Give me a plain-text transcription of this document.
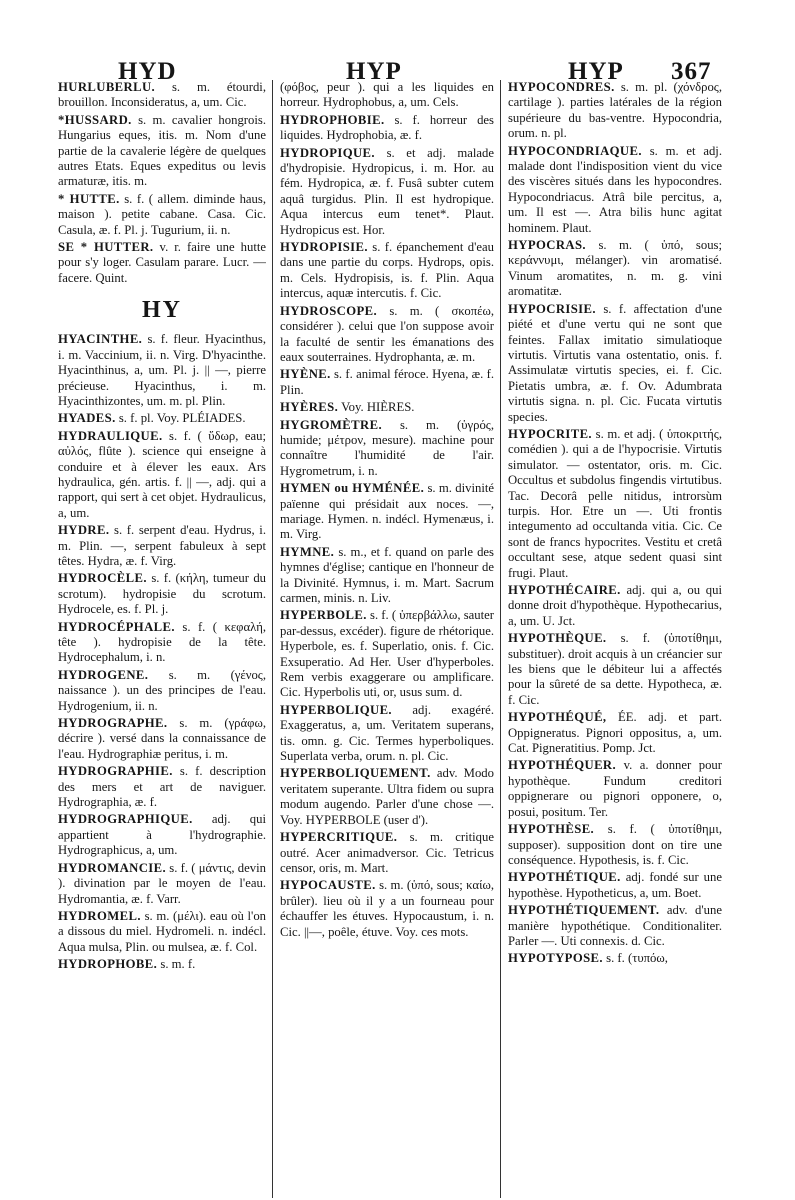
HYD	HYP	HYP 367

HURLUBERLU. s. m. étourdi, brouillon. Inconsideratus, a, um. Cic.

*HUSSARD. s. m. cavalier hongrois. Hungarius eques, itis. m. Nom d'une partie de la cavalerie légère de quelques autres Etats. Eques expeditus ou levis armaturæ, itis. m.

* HUTTE. s. f. ( allem. diminde haus, maison ). petite cabane. Casa. Cic. Casula, æ. f. Pl. j. Tugurium, ii. n.

SE * HUTTER. v. r. faire une hutte pour s'y loger. Casulam parare. Lucr. — facere. Quint.

HY

HYACINTHE. s. f. fleur. Hyacinthus, i. m. Vaccinium, ii. n. Virg. D'hyacinthe. Hyacinthinus, a, um. Pl. j. || —, pierre précieuse. Hyacinthus, i. m. Hyacinthizontes, um. m. pl. Plin.

HYADES. s. f. pl. Voy. PLÉIADES.

HYDRAULIQUE. s. f. ( ὕδωρ, eau; αὐλός, flûte ). science qui enseigne à conduire et à élever les eaux. Ars hydraulica, gén. artis. f. || —, adj. qui a rapport, qui sert à cet objet. Hydraulicus, a, um.

HYDRE. s. f. serpent d'eau. Hydrus, i. m. Plin. —, serpent fabuleux à sept têtes. Hydra, æ. f. Virg.

HYDROCÈLE. s. f. (κήλη, tumeur du scrotum). hydropisie du scrotum. Hydrocele, es. f. Pl. j.

HYDROCÉPHALE. s. f. ( κεφαλή, tête ). hydropisie de la tête. Hydrocephalum, i. n.

HYDROGENE. s. m. (γένος, naissance ). un des principes de l'eau. Hydrogenium, ii. n.

HYDROGRAPHE. s. m. (γράφω, décrire ). versé dans la connaissance de l'eau. Hydrographiæ peritus, i. m.

HYDROGRAPHIE. s. f. description des mers et art de naviguer. Hydrographia, æ. f.

HYDROGRAPHIQUE. adj. qui appartient à l'hydrographie. Hydrographicus, a, um.

HYDROMANCIE. s. f. ( μάντις, devin ). divination par le moyen de l'eau. Hydromantia, æ. f. Varr.

HYDROMEL. s. m. (μέλι). eau où l'on a dissous du miel. Hydromeli. n. indécl. Aqua mulsa, Plin. ou mulsea, æ. f. Col.

HYDROPHOBE. s. m. f.

(φόβος, peur ). qui a les liquides en horreur. Hydrophobus, a, um. Cels.

HYDROPHOBIE. s. f. horreur des liquides. Hydrophobia, æ. f.

HYDROPIQUE. s. et adj. malade d'hydropisie. Hydropicus, i. m. Hor. au fém. Hydropica, æ. f. Fusâ subter cutem aquâ turgidus. Plin. Il est hydropique. Aqua intercus eum tenet*. Plaut. Hydropicus est. Hor.

HYDROPISIE. s. f. épanchement d'eau dans une partie du corps. Hydrops, opis. m. Cels. Hydropisis, is. f. Plin. Aqua intercus, aquæ intercutis. f. Cic.

HYDROSCOPE. s. m. ( σκοπέω, considérer ). celui que l'on suppose avoir la faculté de sentir les émanations des eaux souterraines. Hydrophanta, æ. m.

HYÈNE. s. f. animal féroce. Hyena, æ. f. Plin.

HYÈRES. Voy. HIÈRES.

HYGROMÈTRE. s. m. (ὑγρός, humide; μέτρον, mesure). machine pour connaître l'humidité de l'air. Hygrometrum, i. n.

HYMEN ou HYMÉNÉE. s. m. divinité païenne qui présidait aux noces. —, mariage. Hymen. n. indécl. Hymenæus, i. m. Virg.

HYMNE. s. m., et f. quand on parle des hymnes d'église; cantique en l'honneur de la Divinité. Hymnus, i. m. Mart. Sacrum carmen, minis. n. Liv.

HYPERBOLE. s. f. ( ὑπερβάλλω, sauter par-dessus, excéder). figure de rhétorique. Hyperbole, es. f. Superlatio, onis. f. Cic. Exsuperatio. Ad Her. User d'hyperboles. Rem verbis exaggerare ou amplificare. Cic. Hyperbolis uti, or, usus sum. d.

HYPERBOLIQUE. adj. exagéré. Exaggeratus, a, um. Veritatem superans, tis. omn. g. Cic. Termes hyperboliques. Superlata verba, orum. n. pl. Cic.

HYPERBOLIQUEMENT. adv. Modo veritatem superante. Ultra fidem ou supra modum augendo. Parler d'une chose —. Voy. HYPERBOLE (user d').

HYPERCRITIQUE. s. m. critique outré. Acer animadversor. Cic. Tetricus censor, oris, m. Mart.

HYPOCAUSTE. s. m. (ὑπό, sous; καίω, brûler). lieu où il y a un fourneau pour échauffer les étuves. Hypocaustum, i. n. Cic. ||—, poêle, étuve. Voy. ces mots.

HYPOCONDRES. s. m. pl. (χόνδρος, cartilage ). parties latérales de la région supérieure du bas-ventre. Hypocondria, orum. n. pl.

HYPOCONDRIAQUE. s. m. et adj. malade dont l'indisposition vient du vice des viscères situés dans les hypocondres. Hypocondriacus. Atrâ bile percitus, a, um. Il est —. Atra bilis hunc agitat hominem. Plaut.

HYPOCRAS. s. m. ( ὑπό, sous; κεράννυμι, mélanger). vin aromatisé. Vinum aromatites, n. m. g. vini aromatitæ.

HYPOCRISIE. s. f. affectation d'une piété et d'une vertu qui ne sont que feintes. Fallax imitatio simulatioque virtutis. Virtutis vana ostentatio, onis. f. Assimulatæ virtutis species, ei. f. Cic. Pietatis umbra, æ. f. Ov. Adumbrata virtutis signa. n. pl. Cic. Fucata virtutis species.

HYPOCRITE. s. m. et adj. ( ὑποκριτής, comédien ). qui a de l'hypocrisie. Virtutis simulator. — ostentator, oris. m. Cic. Occultus et subdolus fingendis virtutibus. Tac. Decorâ pelle nitidus, introrsùm turpis. Hor. Etre un —. Uti frontis integumento ad occultanda vitia. Cic. Ce sont de francs hypocrites. Vestitu et cretâ occultant sese, atque sedent quasi sint frugi. Plaut.

HYPOTHÉCAIRE. adj. qui a, ou qui donne droit d'hypothèque. Hypothecarius, a, um. U. Jct.

HYPOTHÈQUE. s. f. (ὑποτίθημι, substituer). droit acquis à un créancier sur les biens que le débiteur lui a affectés pour la sûreté de sa dette. Hypotheca, æ. f. Cic.

HYPOTHÉQUÉ, ÉE. adj. et part. Oppigneratus. Pignori oppositus, a, um. Cat. Pigneratitius. Pomp. Jct.

HYPOTHÉQUER. v. a. donner pour hypothèque. Fundum creditori oppignerare ou pignori opponere, o, posui, positum. Ter.

HYPOTHÈSE. s. f. ( ὑποτίθημι, supposer). supposition dont on tire une conséquence. Hypothesis, is. f. Cic.

HYPOTHÉTIQUE. adj. fondé sur une hypothèse. Hypotheticus, a, um. Boet.

HYPOTHÉTIQUEMENT. adv. d'une manière hypothétique. Conditionaliter. Parler —. Uti connexis. d. Cic.

HYPOTYPOSE. s. f. (τυπόω,
